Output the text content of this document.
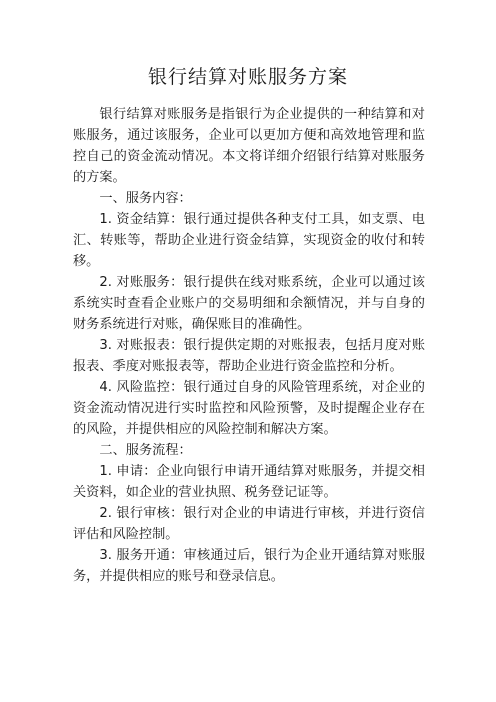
银行结算对账服务方案

银行结算对账服务是指银行为企业提供的一种结算和对账服务，通过该服务，企业可以更加方便和高效地管理和监控自己的资金流动情况。本文将详细介绍银行结算对账服务的方案。

一、服务内容：

1. 资金结算：银行通过提供各种支付工具，如支票、电汇、转账等，帮助企业进行资金结算，实现资金的收付和转移。

2. 对账服务：银行提供在线对账系统，企业可以通过该系统实时查看企业账户的交易明细和余额情况，并与自身的财务系统进行对账，确保账目的准确性。

3. 对账报表：银行提供定期的对账报表，包括月度对账报表、季度对账报表等，帮助企业进行资金监控和分析。

4. 风险监控：银行通过自身的风险管理系统，对企业的资金流动情况进行实时监控和风险预警，及时提醒企业存在的风险，并提供相应的风险控制和解决方案。

二、服务流程：

1. 申请：企业向银行申请开通结算对账服务，并提交相关资料，如企业的营业执照、税务登记证等。

2. 银行审核：银行对企业的申请进行审核，并进行资信评估和风险控制。

3. 服务开通：审核通过后，银行为企业开通结算对账服务，并提供相应的账号和登录信息。
